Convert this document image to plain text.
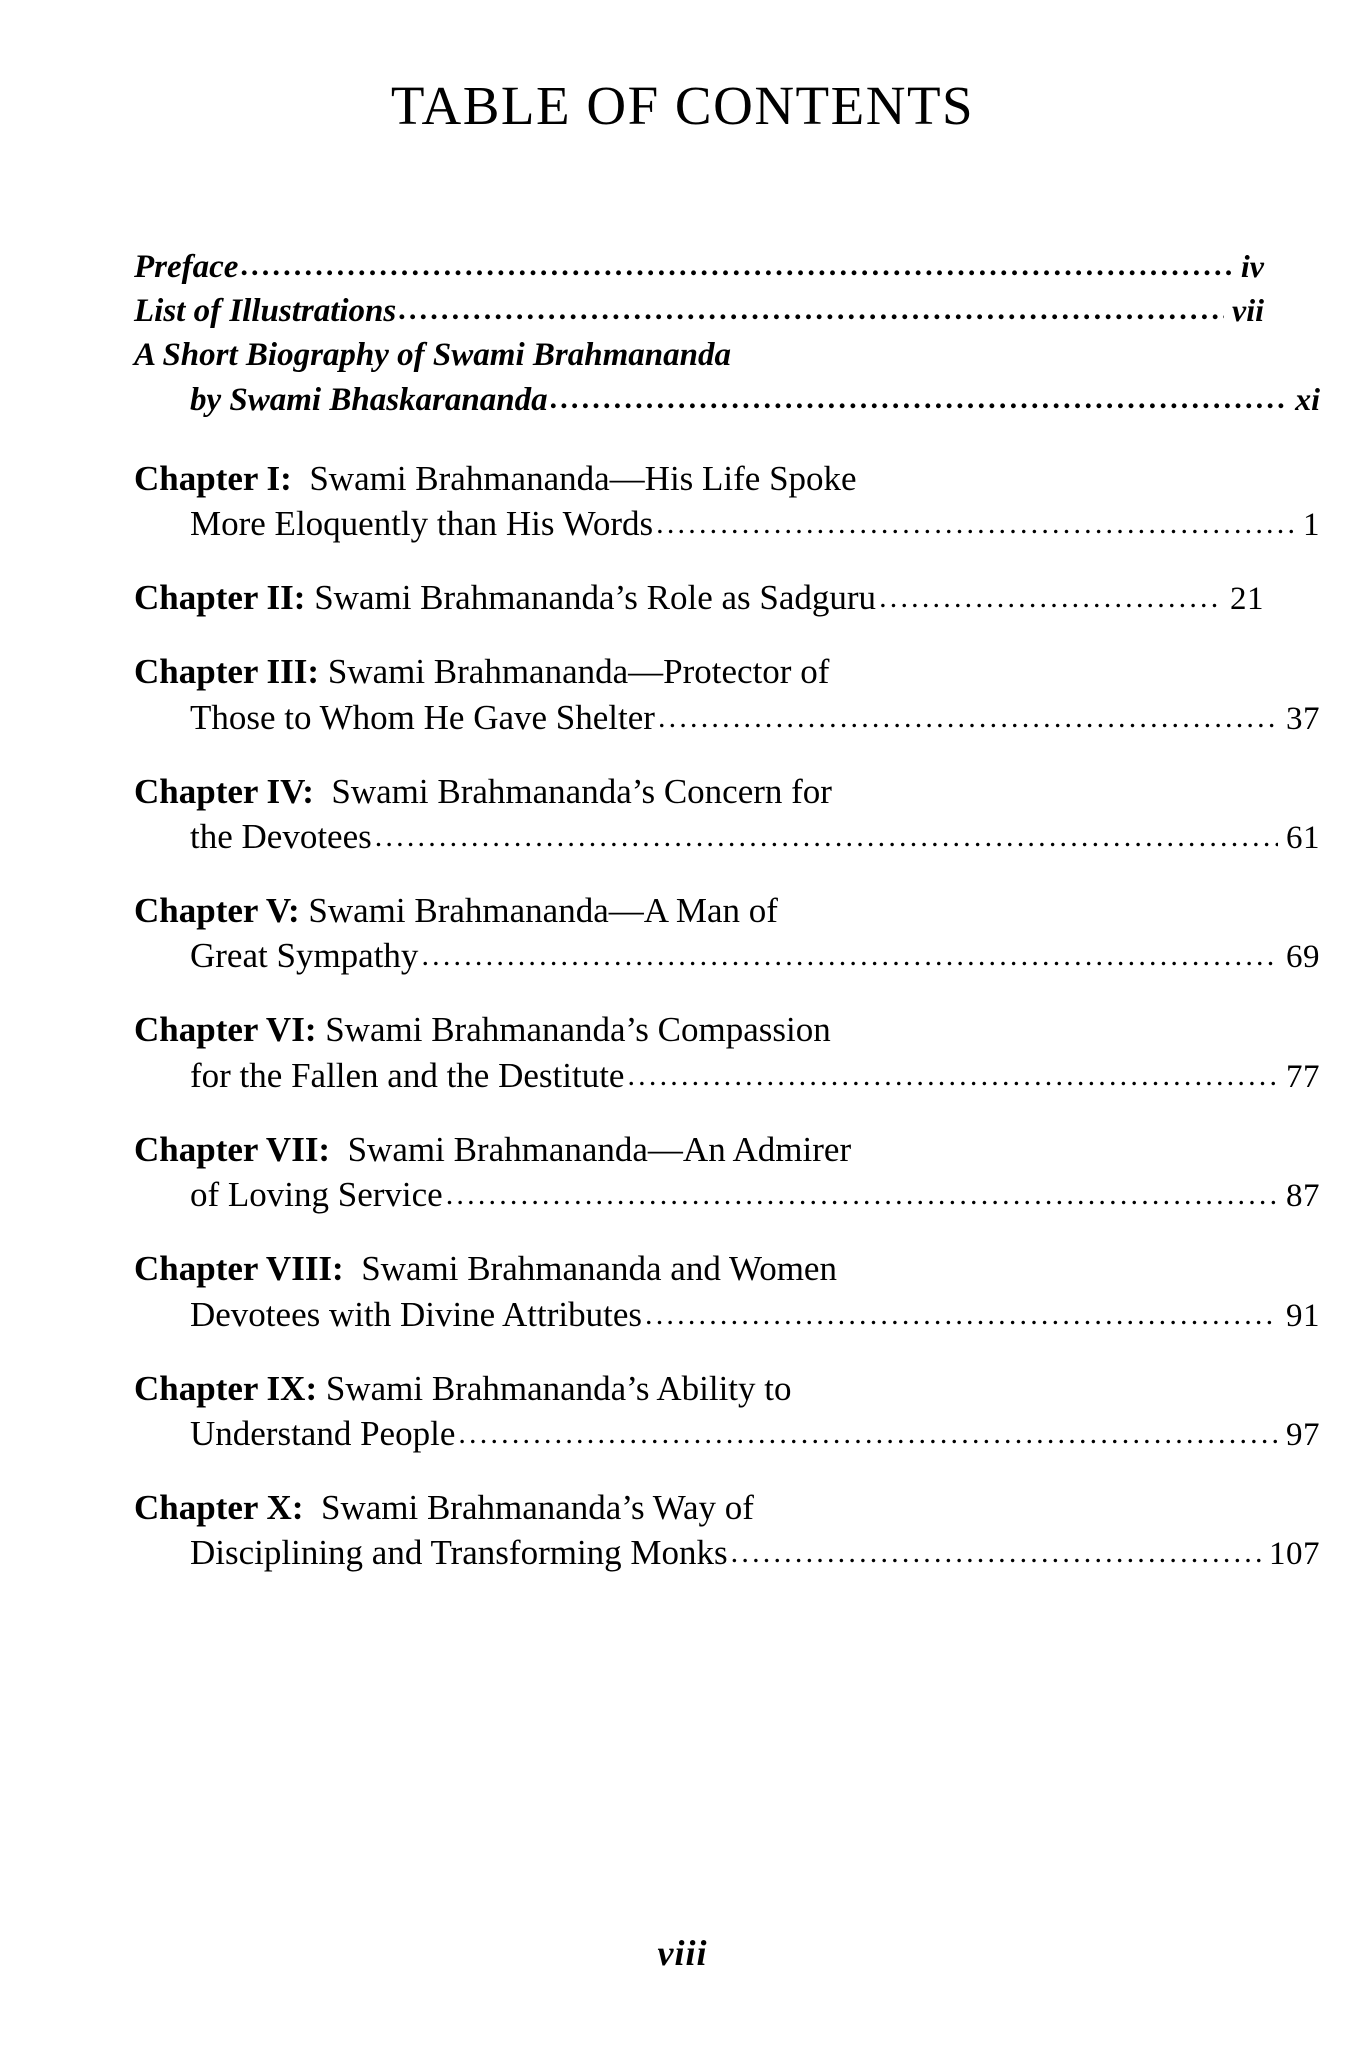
TABLE OF CONTENTS
Preface .....	iv
List of Illustrations .....	vii
A Short Biography of Swami Brahmananda
by Swami Bhaskarananda .....	xi
Chapter I: Swami Brahmananda—His Life Spoke
More Eloquently than His Words .....	1
Chapter II: Swami Brahmananda’s Role as Sadguru .....	21
Chapter III: Swami Brahmananda—Protector of
Those to Whom He Gave Shelter .....	37
Chapter IV: Swami Brahmananda’s Concern for
the Devotees .....	61
Chapter V: Swami Brahmananda—A Man of
Great Sympathy .....	69
Chapter VI: Swami Brahmananda’s Compassion
for the Fallen and the Destitute .....	77
Chapter VII: Swami Brahmananda—An Admirer
of Loving Service .....	87
Chapter VIII: Swami Brahmananda and Women
Devotees with Divine Attributes .....	91
Chapter IX: Swami Brahmananda’s Ability to
Understand People .....	97
Chapter X: Swami Brahmananda’s Way of
Disciplining and Transforming Monks .....	107
viii
